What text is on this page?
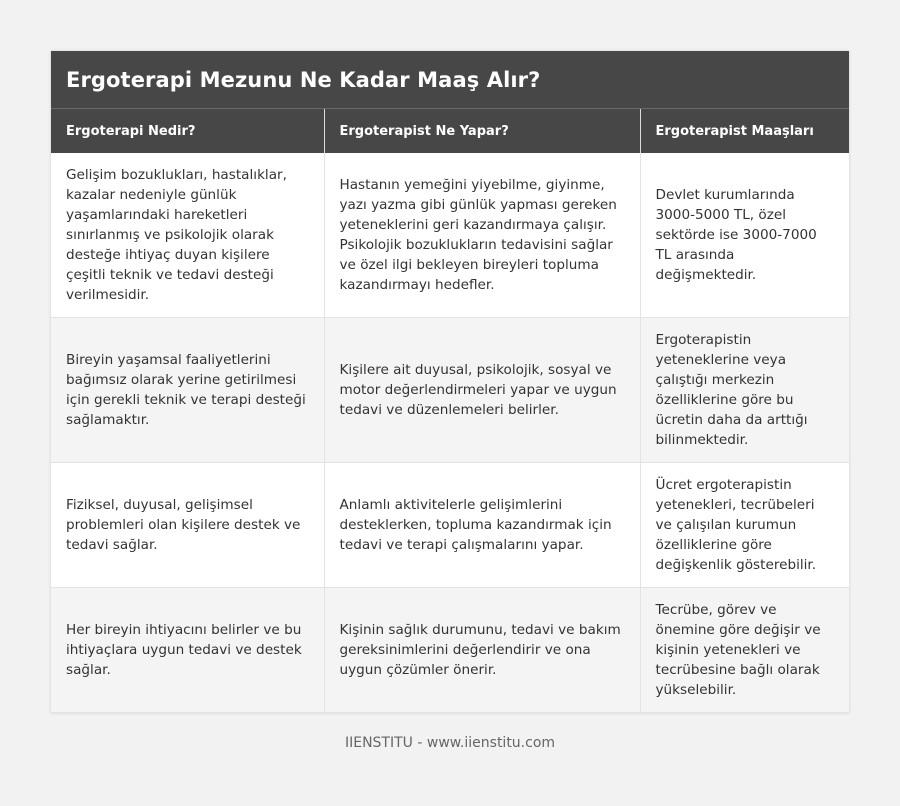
Ergoterapi Mezunu Ne Kadar Maaş Alır?
Ergoterapi Nedir?	Ergoterapist Ne Yapar?	Ergoterapist Maaşları
Gelişim bozuklukları, hastalıklar, kazalar nedeniyle günlük yaşamlarındaki hareketleri sınırlanmış ve psikolojik olarak desteğe ihtiyaç duyan kişilere çeşitli teknik ve tedavi desteği verilmesidir.	Hastanın yemeğini yiyebilme, giyinme, yazı yazma gibi günlük yapması gereken yeteneklerini geri kazandırmaya çalışır. Psikolojik bozuklukların tedavisini sağlar ve özel ilgi bekleyen bireyleri topluma kazandırmayı hedefler.	Devlet kurumlarında 3000-5000 TL, özel sektörde ise 3000-7000 TL arasında değişmektedir.
Bireyin yaşamsal faaliyetlerini bağımsız olarak yerine getirilmesi için gerekli teknik ve terapi desteği sağlamaktır.	Kişilere ait duyusal, psikolojik, sosyal ve motor değerlendirmeleri yapar ve uygun tedavi ve düzenlemeleri belirler.	Ergoterapistin yeteneklerine veya çalıştığı merkezin özelliklerine göre bu ücretin daha da arttığı bilinmektedir.
Fiziksel, duyusal, gelişimsel problemleri olan kişilere destek ve tedavi sağlar.	Anlamlı aktivitelerle gelişimlerini desteklerken, topluma kazandırmak için tedavi ve terapi çalışmalarını yapar.	Ücret ergoterapistin yetenekleri, tecrübeleri ve çalışılan kurumun özelliklerine göre değişkenlik gösterebilir.
Her bireyin ihtiyacını belirler ve bu ihtiyaçlara uygun tedavi ve destek sağlar.	Kişinin sağlık durumunu, tedavi ve bakım gereksinimlerini değerlendirir ve ona uygun çözümler önerir.	Tecrübe, görev ve önemine göre değişir ve kişinin yetenekleri ve tecrübesine bağlı olarak yükselebilir.
IIENSTITU - www.iienstitu.com
